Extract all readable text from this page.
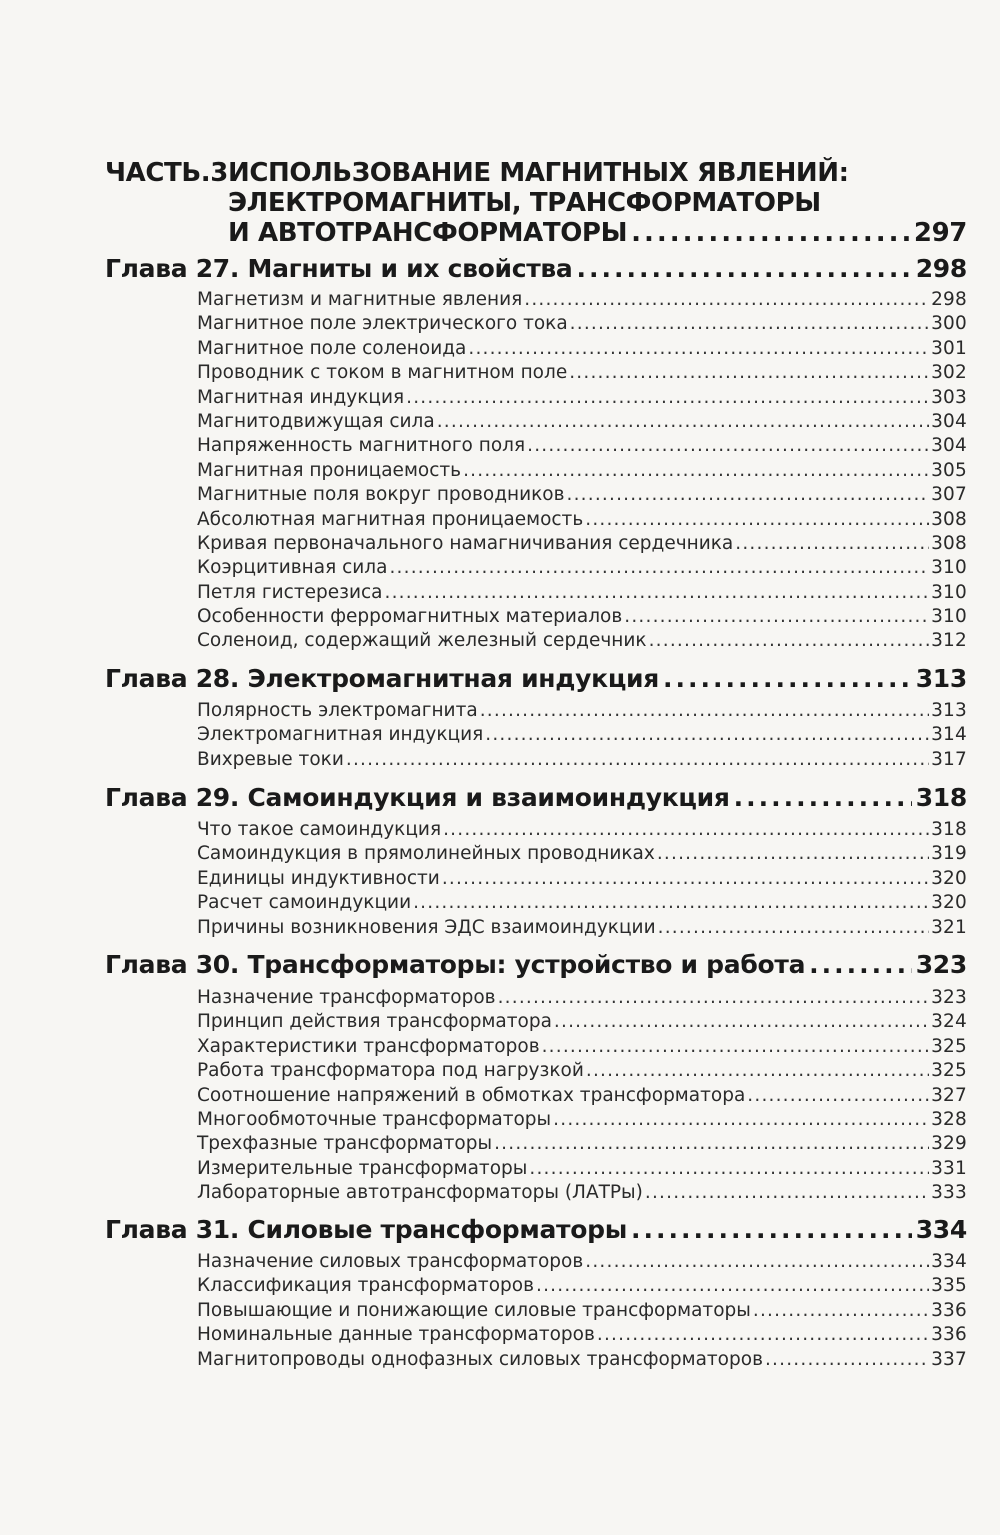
ЧАСТЬ.3.
ИСПОЛЬЗОВАНИЕ МАГНИТНЫХ ЯВЛЕНИЙ:
ЭЛЕКТРОМАГНИТЫ, ТРАНСФОРМАТОРЫ
И АВТОТРАНСФОРМАТОРЫ .....	297
Глава 27. Магниты и их свойства .....	298
Магнетизм и магнитные явления .....	298
Магнитное поле электрического тока .....	300
Магнитное поле соленоида .....	301
Проводник с током в магнитном поле .....	302
Магнитная индукция .....	303
Магнитодвижущая сила .....	304
Напряженность магнитного поля .....	304
Магнитная проницаемость .....	305
Магнитные поля вокруг проводников .....	307
Абсолютная магнитная проницаемость .....	308
Кривая первоначального намагничивания сердечника .....	308
Коэрцитивная сила .....	310
Петля гистерезиса .....	310
Особенности ферромагнитных материалов .....	310
Соленоид, содержащий железный сердечник .....	312
Глава 28. Электромагнитная индукция .....	313
Полярность электромагнита .....	313
Электромагнитная индукция .....	314
Вихревые токи .....	317
Глава 29. Самоиндукция и взаимоиндукция .....	318
Что такое самоиндукция .....	318
Самоиндукция в прямолинейных проводниках .....	319
Единицы индуктивности .....	320
Расчет самоиндукции .....	320
Причины возникновения ЭДС взаимоиндукции .....	321
Глава 30. Трансформаторы: устройство и работа .....	323
Назначение трансформаторов .....	323
Принцип действия трансформатора .....	324
Характеристики трансформаторов .....	325
Работа трансформатора под нагрузкой .....	325
Соотношение напряжений в обмотках трансформатора .....	327
Многообмоточные трансформаторы .....	328
Трехфазные трансформаторы .....	329
Измерительные трансформаторы .....	331
Лабораторные автотрансформаторы (ЛАТРы) .....	333
Глава 31. Силовые трансформаторы .....	334
Назначение силовых трансформаторов .....	334
Классификация трансформаторов .....	335
Повышающие и понижающие силовые трансформаторы .....	336
Номинальные данные трансформаторов .....	336
Магнитопроводы однофазных силовых трансформаторов .....	337
